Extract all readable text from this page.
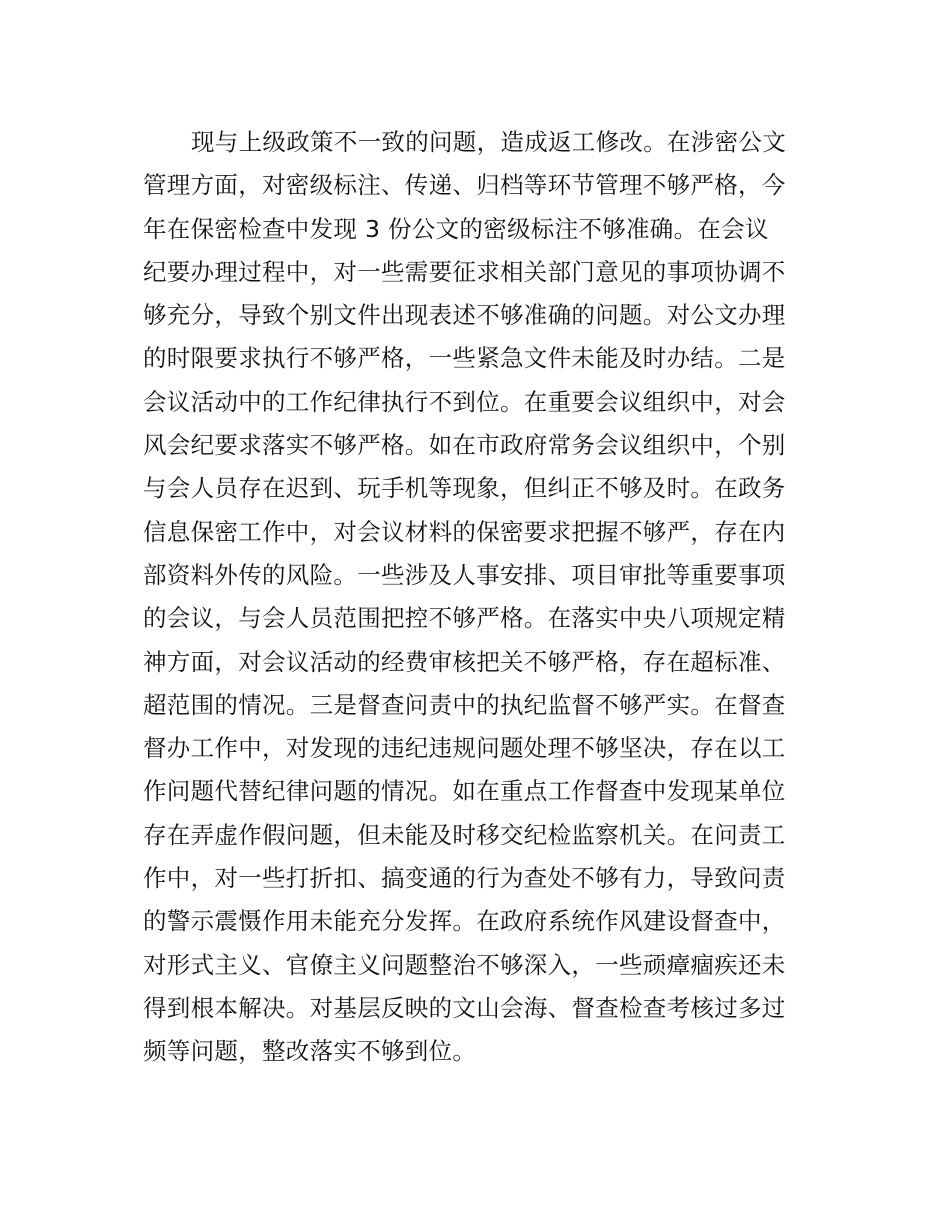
现与上级政策不一致的问题，造成返工修改。在涉密公文
管理方面，对密级标注、传递、归档等环节管理不够严格，今
年在保密检查中发现 3 份公文的密级标注不够准确。在会议
纪要办理过程中，对一些需要征求相关部门意见的事项协调不
够充分，导致个别文件出现表述不够准确的问题。对公文办理
的时限要求执行不够严格，一些紧急文件未能及时办结。二是
会议活动中的工作纪律执行不到位。在重要会议组织中，对会
风会纪要求落实不够严格。如在市政府常务会议组织中，个别
与会人员存在迟到、玩手机等现象，但纠正不够及时。在政务
信息保密工作中，对会议材料的保密要求把握不够严，存在内
部资料外传的风险。一些涉及人事安排、项目审批等重要事项
的会议，与会人员范围把控不够严格。在落实中央八项规定精
神方面，对会议活动的经费审核把关不够严格，存在超标准、
超范围的情况。三是督查问责中的执纪监督不够严实。在督查
督办工作中，对发现的违纪违规问题处理不够坚决，存在以工
作问题代替纪律问题的情况。如在重点工作督查中发现某单位
存在弄虚作假问题，但未能及时移交纪检监察机关。在问责工
作中，对一些打折扣、搞变通的行为查处不够有力，导致问责
的警示震慑作用未能充分发挥。在政府系统作风建设督查中，
对形式主义、官僚主义问题整治不够深入，一些顽瘴痼疾还未
得到根本解决。对基层反映的文山会海、督查检查考核过多过
频等问题，整改落实不够到位。
